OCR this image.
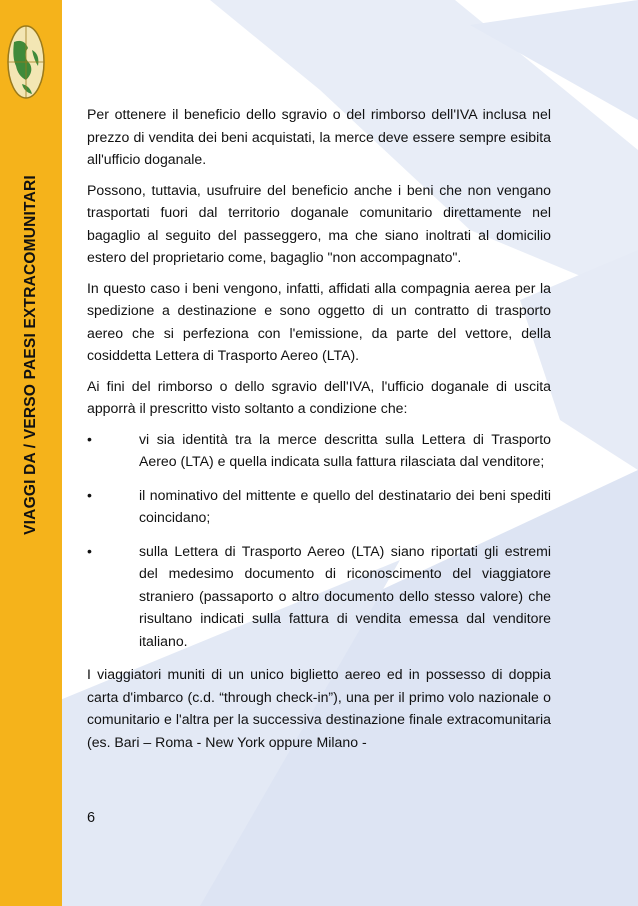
VIAGGI DA / VERSO PAESI EXTRACOMUNITARI

Per ottenere il beneficio dello sgravio o del rimborso dell'IVA inclusa nel prezzo di vendita dei beni acquistati, la merce deve essere sempre esibita all'ufficio doganale.

Possono, tuttavia, usufruire del beneficio anche i beni che non vengano trasportati fuori dal territorio doganale comunitario direttamente nel bagaglio al seguito del passeggero, ma che siano inoltrati al domicilio estero del proprietario come, bagaglio "non accompagnato".

In questo caso i beni vengono, infatti, affidati alla compagnia aerea per la spedizione a destinazione e sono oggetto di un contratto di trasporto aereo che si perfeziona con l'emissione, da parte del vettore, della cosiddetta Lettera di Trasporto Aereo (LTA).

Ai fini del rimborso o dello sgravio dell'IVA, l'ufficio doganale di uscita apporrà il prescritto visto soltanto a condizione che:

•	vi sia identità tra la merce descritta sulla Lettera di Trasporto Aereo (LTA) e quella indicata sulla fattura rilasciata dal venditore;
•	il nominativo del mittente e quello del destinatario dei beni spediti coincidano;
•	sulla Lettera di Trasporto Aereo (LTA) siano riportati gli estremi del medesimo documento di riconoscimento del viaggiatore straniero (passaporto o altro documento dello stesso valore) che risultano indicati sulla fattura di vendita emessa dal venditore italiano.

I viaggiatori muniti di un unico biglietto aereo ed in possesso di doppia carta d'imbarco (c.d. “through check-in”), una per il primo volo nazionale o comunitario e l'altra per la successiva destinazione finale extracomunitaria (es. Bari – Roma - New York oppure Milano -

6
